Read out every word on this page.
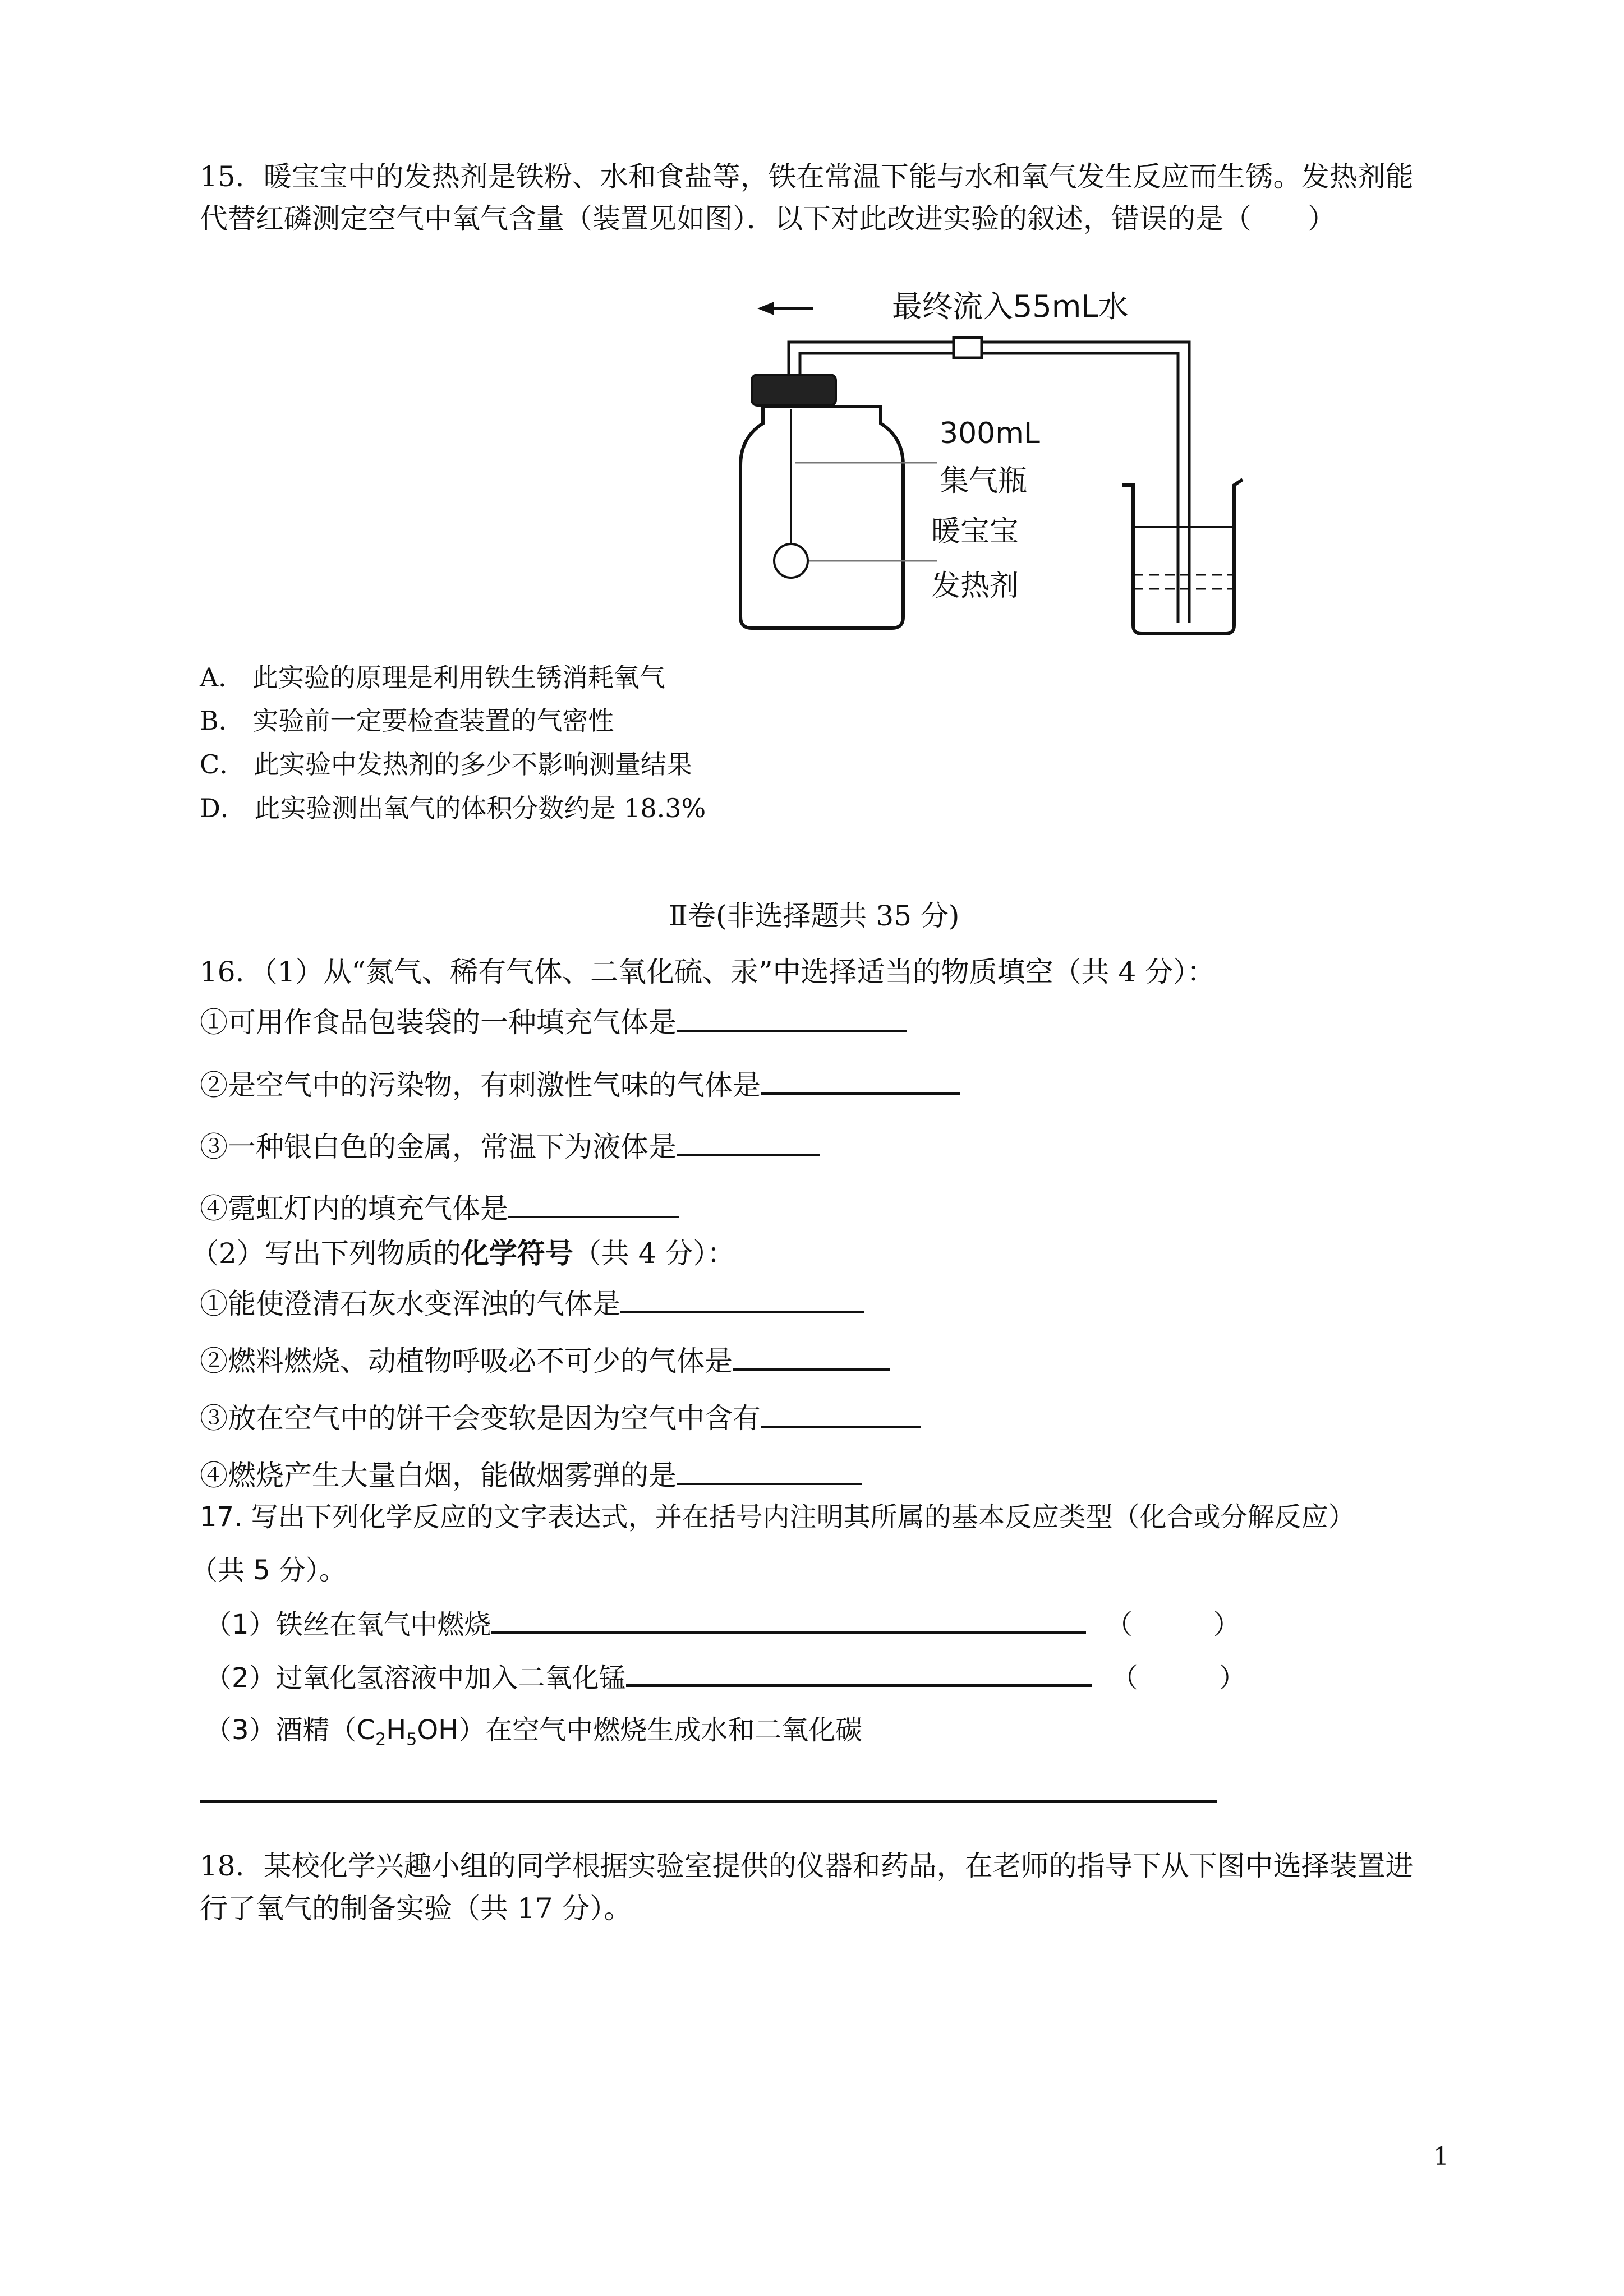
15．暖宝宝中的发热剂是铁粉、水和食盐等，铁在常温下能与水和氧气发生反应而生锈。发热剂能
代替红磷测定空气中氧气含量（装置见如图）．以下对此改进实验的叙述，错误的是（　　）
最终流入55mL水
300mL
集气瓶
暖宝宝
发热剂
A． 此实验的原理是利用铁生锈消耗氧气
B． 实验前一定要检查装置的气密性
C． 此实验中发热剂的多少不影响测量结果
D． 此实验测出氧气的体积分数约是 18.3%
Ⅱ卷(非选择题共 35 分)
16．（1）从“氮气、稀有气体、二氧化硫、汞”中选择适当的物质填空（共 4 分）：
①可用作食品包装袋的一种填充气体是
②是空气中的污染物，有刺激性气味的气体是
③一种银白色的金属，常温下为液体是
④霓虹灯内的填充气体是
（2）写出下列物质的化学符号（共 4 分）：
①能使澄清石灰水变浑浊的气体是
②燃料燃烧、动植物呼吸必不可少的气体是
③放在空气中的饼干会变软是因为空气中含有
④燃烧产生大量白烟，能做烟雾弹的是
17. 写出下列化学反应的文字表达式，并在括号内注明其所属的基本反应类型（化合或分解反应）
（共 5 分）。
（1）铁丝在氧气中燃烧	（　　　）
（2）过氧化氢溶液中加入二氧化锰	（　　　）
（3）酒精$(C_2H_5OH)$在空气中燃烧生成水和二氧化碳
18．某校化学兴趣小组的同学根据实验室提供的仪器和药品，在老师的指导下从下图中选择装置进
行了氧气的制备实验（共 17 分）。
1
